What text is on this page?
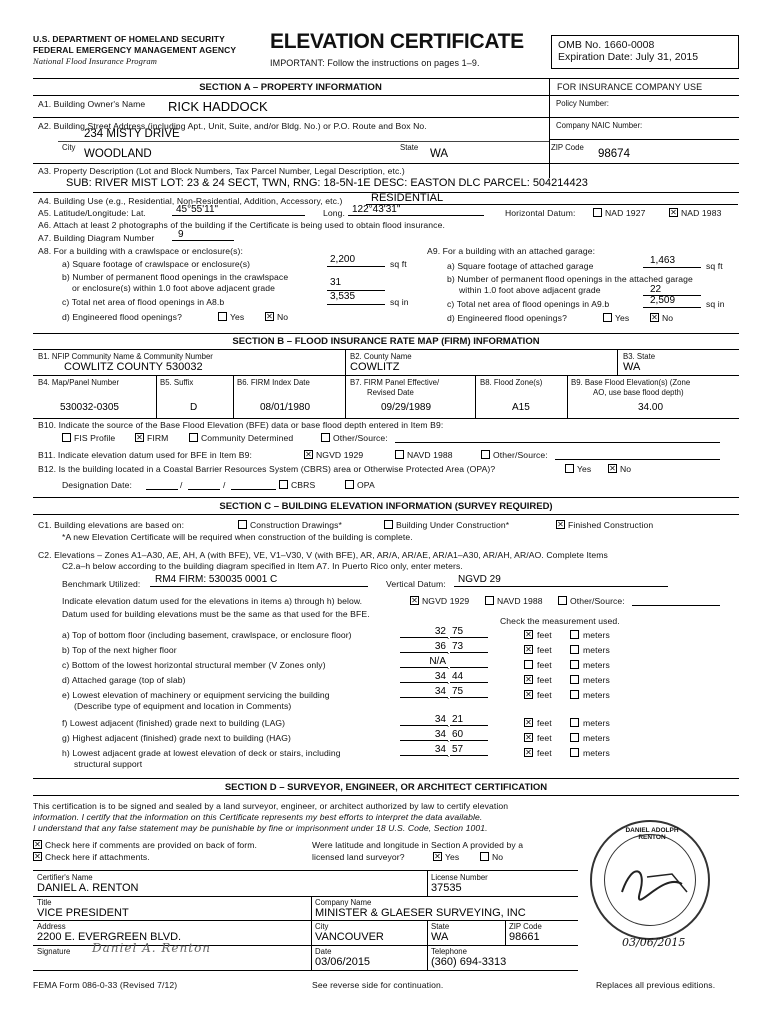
U.S. DEPARTMENT OF HOMELAND SECURITY
FEDERAL EMERGENCY MANAGEMENT AGENCY
National Flood Insurance Program
ELEVATION CERTIFICATE
IMPORTANT: Follow the instructions on pages 1–9.
OMB No. 1660-0008
Expiration Date: July 31, 2015
SECTION A – PROPERTY INFORMATION	FOR INSURANCE COMPANY USE
A1. Building Owner's Name RICK HADDOCK	Policy Number:
A2. Building Street Address (including Apt., Unit, Suite, and/or Bldg. No.) or P.O. Route and Box No.
234 MISTY DRIVE
Company NAIC Number:
City
WOODLAND
State
WA
ZIP Code
98674
A3. Property Description (Lot and Block Numbers, Tax Parcel Number, Legal Description, etc.)
SUB: RIVER MIST LOT: 23 & 24 SECT, TWN, RNG: 18-5N-1E DESC: EASTON DLC PARCEL: 504214423
A4. Building Use (e.g., Residential, Non-Residential, Addition, Accessory, etc.)	RESIDENTIAL
A5. Latitude/Longitude: Lat.	45°55'11"	Long. 122°43'31"	Horizontal Datum:	NAD 1927 ✕	NAD 1983
A6. Attach at least 2 photographs of the building if the Certificate is being used to obtain flood insurance.
A7. Building Diagram Number 9
A8. For a building with a crawlspace or enclosure(s):
a) Square footage of crawlspace or enclosure(s)	2,200	sq ft
b) Number of permanent flood openings in the crawlspace
or enclosure(s) within 1.0 foot above adjacent grade	31
c) Total net area of flood openings in A8.b	3,535	sq in
d) Engineered flood openings?	Yes ✕	No
A9. For a building with an attached garage:
a) Square footage of attached garage	1,463	sq ft
b) Number of permanent flood openings in the attached garage
within 1.0 foot above adjacent grade	22
c) Total net area of flood openings in A9.b	2,509	sq in
d) Engineered flood openings?	Yes ✕	No
SECTION B – FLOOD INSURANCE RATE MAP (FIRM) INFORMATION
B1. NFIP Community Name & Community Number
COWLITZ COUNTY 530032
B2. County Name
COWLITZ
B3. State
WA
B4. Map/Panel Number	B5. Suffix	B6. FIRM Index Date	B7. FIRM Panel Effective/
Revised Date
B8. Flood Zone(s)	B9. Base Flood Elevation(s) (Zone
AO, use base flood depth)
530032-0305	D	08/01/1980	09/29/1989	A15	34.00
B10. Indicate the source of the Base Flood Elevation (BFE) data or base flood depth entered in Item B9:
FIS Profile ✕	FIRM	Community Determined	Other/Source:
B11. Indicate elevation datum used for BFE in Item B9: ✕	NGVD 1929	NAVD 1988	Other/Source:
B12. Is the building located in a Coastal Barrier Resources System (CBRS) area or Otherwise Protected Area (OPA)?	Yes ✕	No
Designation Date:	/	/	CBRS	OPA
SECTION C – BUILDING ELEVATION INFORMATION (SURVEY REQUIRED)
C1. Building elevations are based on:	Construction Drawings*	Building Under Construction* ✕	Finished Construction
*A new Elevation Certificate will be required when construction of the building is complete.
C2. Elevations – Zones A1–A30, AE, AH, A (with BFE), VE, V1–V30, V (with BFE), AR, AR/A, AR/AE, AR/A1–A30, AR/AH, AR/AO. Complete Items
C2.a–h below according to the building diagram specified in Item A7. In Puerto Rico only, enter meters.
Benchmark Utilized: RM4 FIRM: 530035 0001 C	Vertical Datum: NGVD 29
Indicate elevation datum used for the elevations in items a) through h) below. ✕	NGVD 1929	NAVD 1988	Other/Source:
Datum used for building elevations must be the same as that used for the BFE.
Check the measurement used.
a) Top of bottom floor (including basement, crawlspace, or enclosure floor)	32 . 75 ✕	feet	meters
b) Top of the next higher floor	36 . 73 ✕	feet	meters
c) Bottom of the lowest horizontal structural member (V Zones only)	N/A .	feet	meters
d) Attached garage (top of slab)	34 . 44 ✕	feet	meters
e) Lowest elevation of machinery or equipment servicing the building
(Describe type of equipment and location in Comments)
34 . 75 ✕	feet	meters
f) Lowest adjacent (finished) grade next to building (LAG)	34 . 21 ✕	feet	meters
g) Highest adjacent (finished) grade next to building (HAG)	34 . 60 ✕	feet	meters
h) Lowest adjacent grade at lowest elevation of deck or stairs, including
structural support
34 . 57 ✕	feet	meters
SECTION D – SURVEYOR, ENGINEER, OR ARCHITECT CERTIFICATION
This certification is to be signed and sealed by a land surveyor, engineer, or architect authorized by law to certify elevation
information. I certify that the information on this Certificate represents my best efforts to interpret the data available.
I understand that any false statement may be punishable by fine or imprisonment under 18 U.S. Code, Section 1001.
✕
Check here if comments are provided on back of form.
✕
Check here if attachments.
Were latitude and longitude in Section A provided by a
licensed land surveyor? ✕	Yes	No
Certifier's Name
DANIEL A. RENTON
License Number
37535
Title
VICE PRESIDENT
Company Name
MINISTER & GLAESER SURVEYING, INC
Address
2200 E. EVERGREEN BLVD.
City
VANCOUVER
State
WA
ZIP Code
98661
Signature Daniel A. Renton	Date
03/06/2015
Telephone
(360) 694-3313
DANIEL ADOLPH RENTON
03/06/2015
FEMA Form 086-0-33 (Revised 7/12)	See reverse side for continuation.	Replaces all previous editions.
